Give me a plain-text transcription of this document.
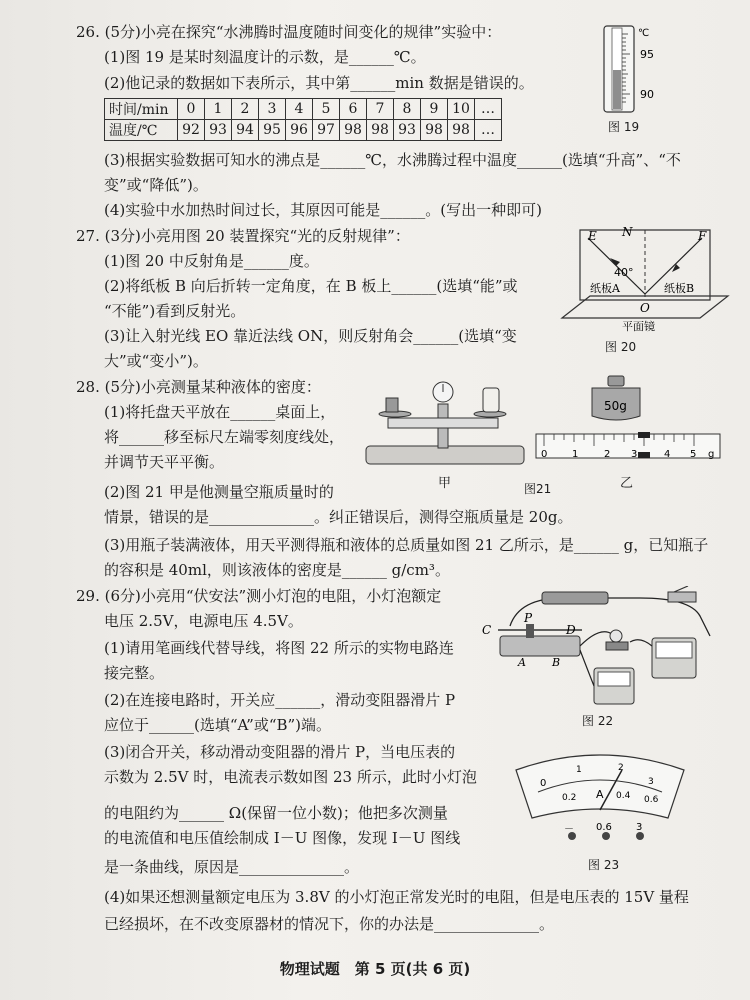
26. (5分)小亮在探究“水沸腾时温度随时间变化的规律”实验中：
(1)图 19 是某时刻温度计的示数，是______℃。
(2)他记录的数据如下表所示，其中第______min 数据是错误的。
时间/min	0	1	2	3	4	5	6	7	8	9	10	…
温度/℃	92	93	94	95	96	97	98	98	93	98	98	…
(3)根据实验数据可知水的沸点是______℃，水沸腾过程中温度______(选填“升高”、“不
变”或“降低”)。
(4)实验中水加热时间过长，其原因可能是______。(写出一种即可)
℃
95
90
图 19
27. (3分)小亮用图 20 装置探究“光的反射规律”：
(1)图 20 中反射角是______度。
(2)将纸板 B 向后折转一定角度，在 B 板上______(选填“能”或
“不能”)看到反射光。
(3)让入射光线 EO 靠近法线 ON，则反射角会______(选填“变
大”或“变小”)。
E N	F
40°
纸板A	纸板B
O
平面镜
图 20
28. (5分)小亮测量某种液体的密度：
(1)将托盘天平放在______桌面上，
将______移至标尺左端零刻度线处，
并调节天平平衡。
(2)图 21 甲是他测量空瓶质量时的
情景，错误的是______________。纠正错误后，测得空瓶质量是 20g。
(3)用瓶子装满液体，用天平测得瓶和液体的总质量如图 21 乙所示，是______ g，已知瓶子
的容积是 40ml，则该液体的密度是______ g/cm³。
甲
50g
0 1	2 3	4 5 g
乙
图21
29. (6分)小亮用“伏安法”测小灯泡的电阻，小灯泡额定
电压 2.5V，电源电压 4.5V。
(1)请用笔画线代替导线，将图 22 所示的实物电路连
接完整。
(2)在连接电路时，开关应______，滑动变阻器滑片 P
应位于______(选填“A”或“B”)端。
(3)闭合开关，移动滑动变阻器的滑片 P，当电压表的
示数为 2.5V 时，电流表示数如图 23 所示，此时小灯泡
的电阻约为______ Ω(保留一位小数)；他把多次测量
的电流值和电压值绘制成 I－U 图像，发现 I－U 图线
是一条曲线，原因是______________。
(4)如果还想测量额定电压为 3.8V 的小灯泡正常发光时的电阻，但是电压表的 15V 量程
已经损坏，在不改变原器材的情况下，你的办法是______________。
C
P
D
A B
图 22
0
0.2	0.4
1	2
3
0.6
A
－ 0.6 3
图 23
物理试题　第 5 页(共 6 页)
